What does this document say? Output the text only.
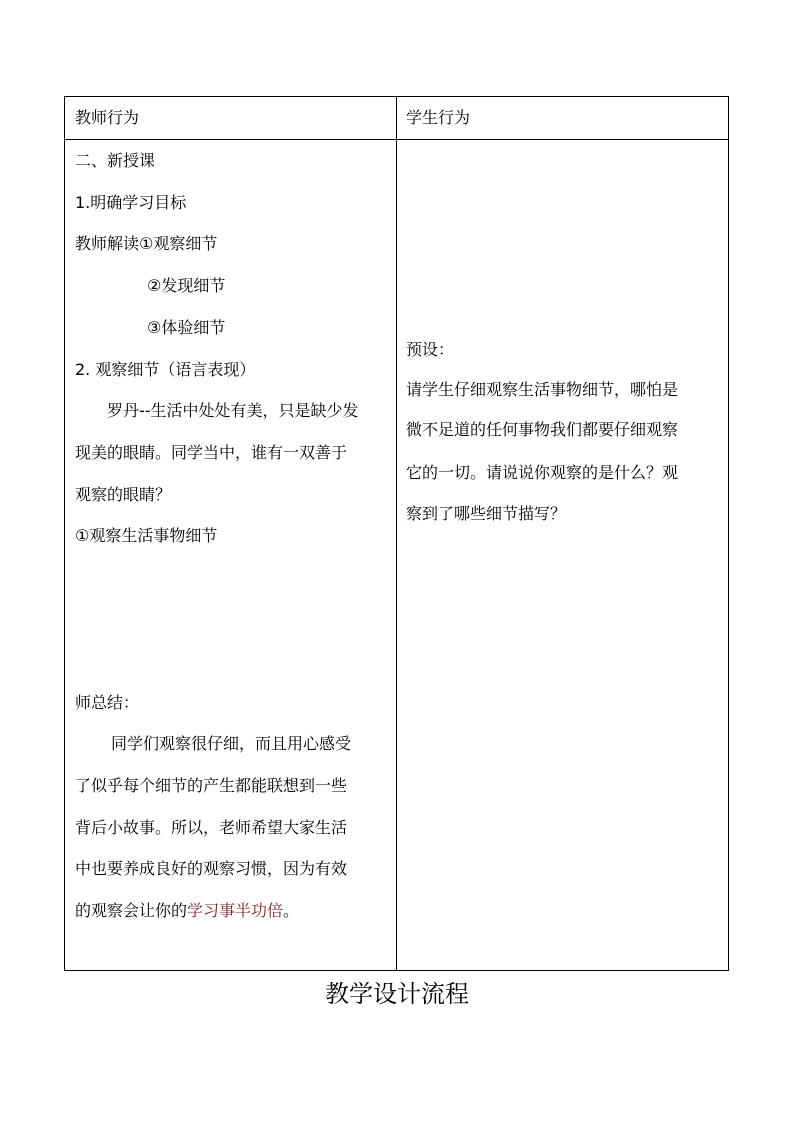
教师行为	学生行为
二、新授课
1.明确学习目标
教师解读①观察细节
②发现细节
③体验细节
2. 观察细节（语言表现）
罗丹--生活中处处有美，只是缺少发
现美的眼睛。同学当中，谁有一双善于
观察的眼睛？
①观察生活事物细节
师总结：
同学们观察很仔细，而且用心感受
了似乎每个细节的产生都能联想到一些
背后小故事。所以，老师希望大家生活
中也要养成良好的观察习惯，因为有效
的观察会让你的学习事半功倍。
预设：
请学生仔细观察生活事物细节，哪怕是
微不足道的任何事物我们都要仔细观察
它的一切。请说说你观察的是什么？观
察到了哪些细节描写？
教学设计流程
